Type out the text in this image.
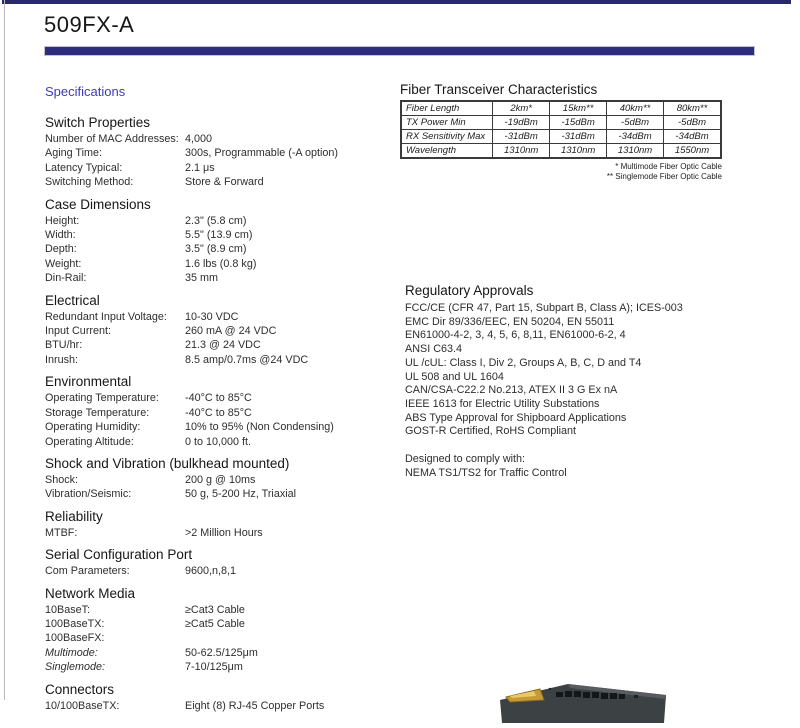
509FX-A
Specifications
Switch Properties
Number of MAC Addresses: 4,000
Aging Time:	300s, Programmable (-A option)
Latency Typical:	2.1 μs
Switching Method:	Store & Forward
Case Dimensions
Height:	2.3" (5.8 cm)
Width:	5.5" (13.9 cm)
Depth:	3.5" (8.9 cm)
Weight:	1.6 lbs (0.8 kg)
Din-Rail:	35 mm
Electrical
Redundant Input Voltage:	10-30 VDC
Input Current:	260 mA @ 24 VDC
BTU/hr:	21.3 @ 24 VDC
Inrush:	8.5 amp/0.7ms @24 VDC
Environmental
Operating Temperature:	-40°C to 85°C
Storage Temperature:	-40°C to 85°C
Operating Humidity:	10% to 95% (Non Condensing)
Operating Altitude:	0 to 10,000 ft.
Shock and Vibration (bulkhead mounted)
Shock:	200 g @ 10ms
Vibration/Seismic:	50 g, 5-200 Hz, Triaxial
Reliability
MTBF:	>2 Million Hours
Serial Configuration Port
Com Parameters:	9600,n,8,1
Network Media
10BaseT:	≥Cat3 Cable
100BaseTX:	≥Cat5 Cable
100BaseFX:
Multimode:	50-62.5/125μm
Singlemode:	7-10/125μm
Connectors
10/100BaseTX:	Eight (8) RJ-45 Copper Ports
Fiber Transceiver Characteristics
Fiber Length	2km*	15km**	40km**	80km**
TX Power Min	-19dBm	-15dBm	-5dBm	-5dBm
RX Sensitivity Max	-31dBm	-31dBm	-34dBm	-34dBm
Wavelength	1310nm	1310nm	1310nm	1550nm
* Multimode Fiber Optic Cable
** Singlemode Fiber Optic Cable
Regulatory Approvals
FCC/CE (CFR 47, Part 15, Subpart B, Class A); ICES-003
EMC Dir 89/336/EEC, EN 50204, EN 55011
EN61000-4-2, 3, 4, 5, 6, 8,11, EN61000-6-2, 4
ANSI C63.4
UL /cUL: Class I, Div 2, Groups A, B, C, D and T4
UL 508 and UL 1604
CAN/CSA-C22.2 No.213, ATEX II 3 G Ex nA
IEEE 1613 for Electric Utility Substations
ABS Type Approval for Shipboard Applications
GOST-R Certified, RoHS Compliant
Designed to comply with:
NEMA TS1/TS2 for Traffic Control
